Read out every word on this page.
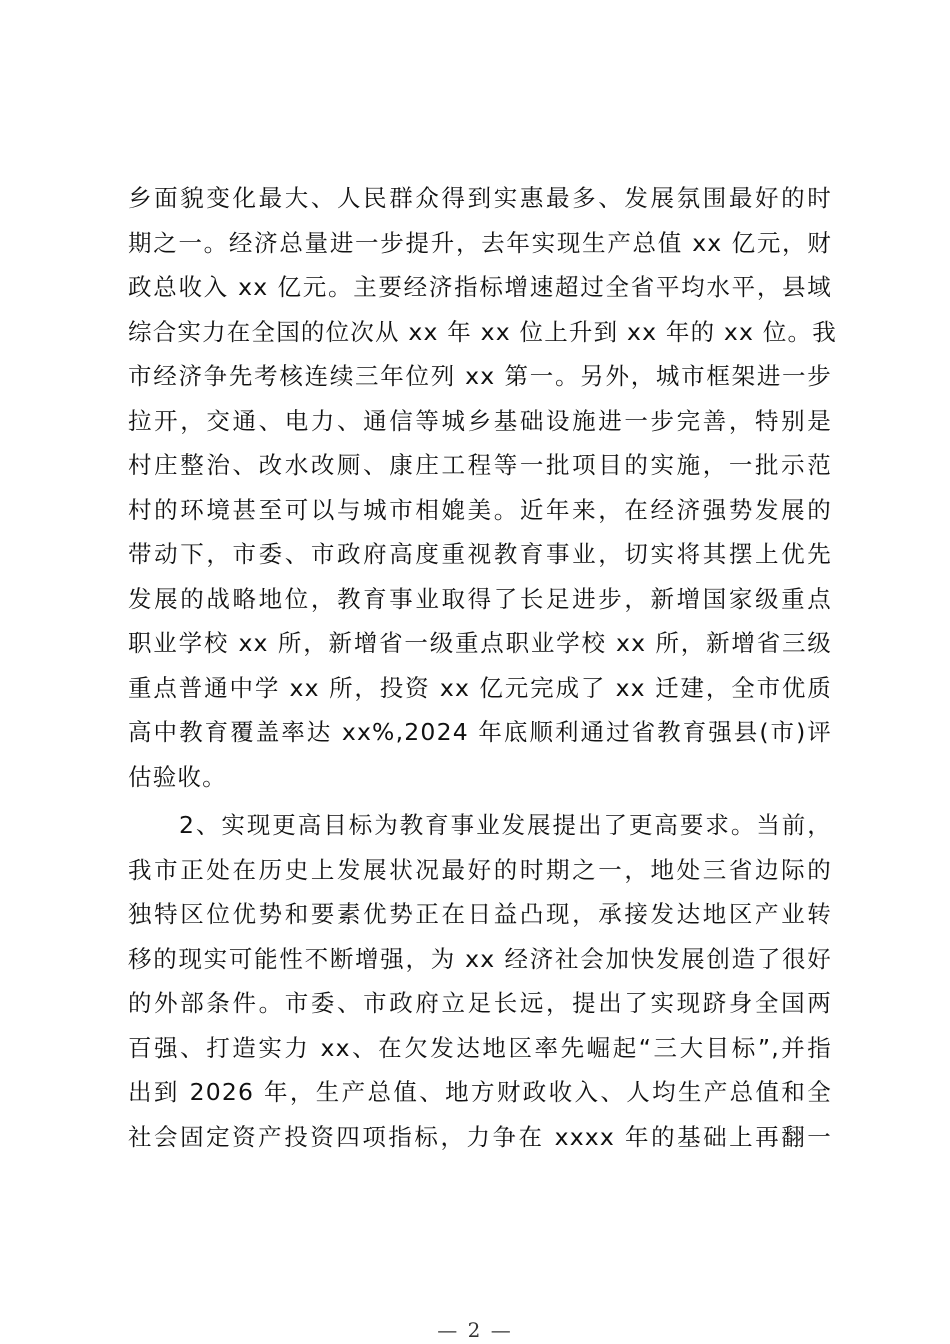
乡面貌变化最大、人民群众得到实惠最多、发展氛围最好的时
期之一。经济总量进一步提升，去年实现生产总值 xx 亿元，财
政总收入 xx 亿元。主要经济指标增速超过全省平均水平，县域
综合实力在全国的位次从 xx 年 xx 位上升到 xx 年的 xx 位。我
市经济争先考核连续三年位列 xx 第一。另外，城市框架进一步
拉开，交通、电力、通信等城乡基础设施进一步完善，特别是
村庄整治、改水改厕、康庄工程等一批项目的实施，一批示范
村的环境甚至可以与城市相媲美。近年来，在经济强势发展的
带动下，市委、市政府高度重视教育事业，切实将其摆上优先
发展的战略地位，教育事业取得了长足进步，新增国家级重点
职业学校 xx 所，新增省一级重点职业学校 xx 所，新增省三级
重点普通中学 xx 所，投资 xx 亿元完成了 xx 迁建，全市优质
高中教育覆盖率达 xx%,2024 年底顺利通过省教育强县(市)评
估验收。
　　2、实现更高目标为教育事业发展提出了更高要求。当前，
我市正处在历史上发展状况最好的时期之一，地处三省边际的
独特区位优势和要素优势正在日益凸现，承接发达地区产业转
移的现实可能性不断增强，为 xx 经济社会加快发展创造了很好
的外部条件。市委、市政府立足长远，提出了实现跻身全国两
百强、打造实力 xx、在欠发达地区率先崛起“三大目标”,并指
出到 2026 年，生产总值、地方财政收入、人均生产总值和全
社会固定资产投资四项指标，力争在 xxxx 年的基础上再翻一
— 2 —
